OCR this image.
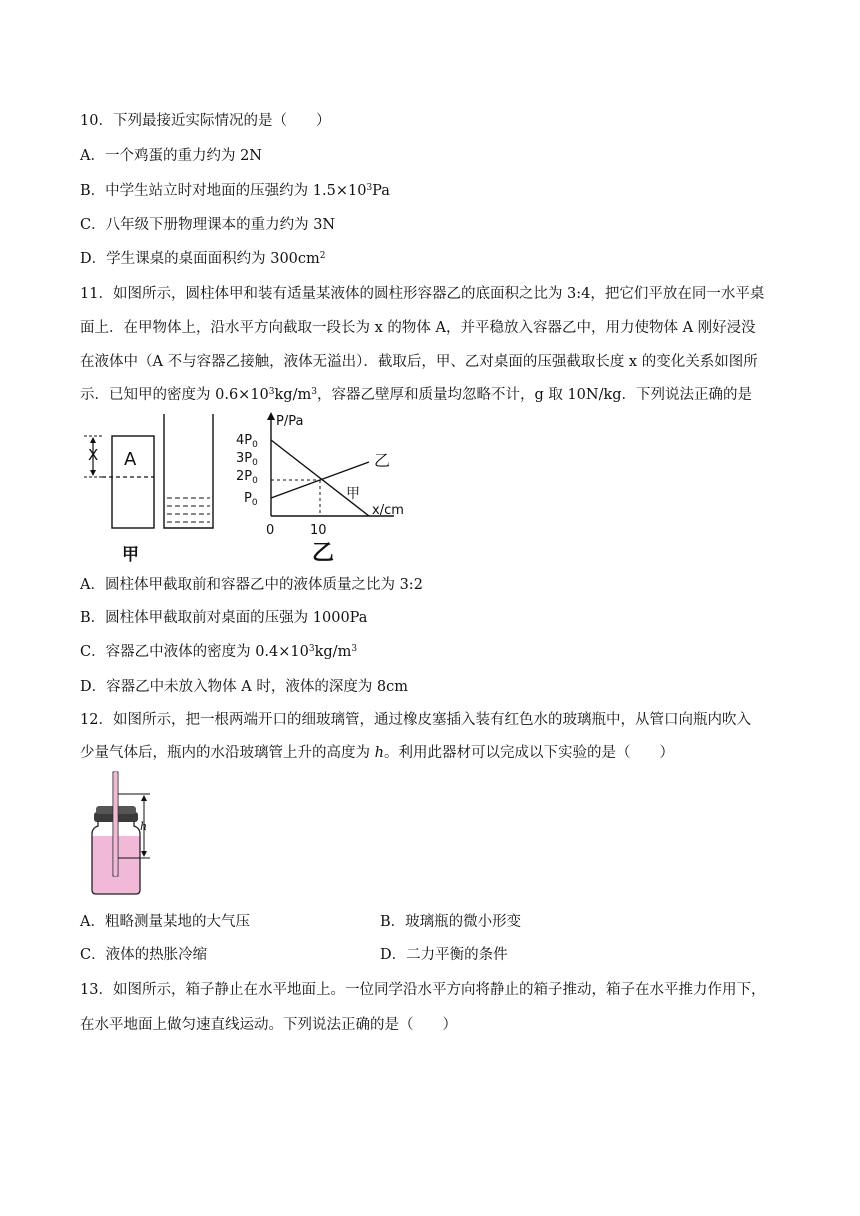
10．下列最接近实际情况的是（　　）
A．一个鸡蛋的重力约为 2N
B．中学生站立时对地面的压强约为 $1.5\times 10^3Pa$
C．八年级下册物理课本的重力约为 3N
D．学生课桌的桌面面积约为 $300cm^2$
11．如图所示，圆柱体甲和装有适量某液体的圆柱形容器乙的底面积之比为 3:4，把它们平放在同一水平桌
面上．在甲物体上，沿水平方向截取一段长为 x 的物体 A，并平稳放入容器乙中，用力使物体 A 刚好浸没
在液体中（A 不与容器乙接触，液体无溢出）．截取后，甲、乙对桌面的压强截取长度 x 的变化关系如图所
示．已知甲的密度为 $0.6\times 10^3kg/m^3$，容器乙壁厚和质量均忽略不计，g 取 10N/kg．下列说法正确的是
X A
甲
P/Pa
x/cm
$4P_0$
$3P_0$
$2P_0$
$P_0$
0	10
乙
甲
乙
A．圆柱体甲截取前和容器乙中的液体质量之比为 3:2
B．圆柱体甲截取前对桌面的压强为 1000Pa
C．容器乙中液体的密度为 $0.4\times 10^3kg/m^3$
D．容器乙中未放入物体 A 时，液体的深度为 8cm
12．如图所示，把一根两端开口的细玻璃管，通过橡皮塞插入装有红色水的玻璃瓶中，从管口向瓶内吹入
少量气体后，瓶内的水沿玻璃管上升的高度为 h。利用此器材可以完成以下实验的是（　　）
h
A．粗略测量某地的大气压	B．玻璃瓶的微小形变
C．液体的热胀冷缩	D．二力平衡的条件
13．如图所示，箱子静止在水平地面上。一位同学沿水平方向将静止的箱子推动，箱子在水平推力作用下，
在水平地面上做匀速直线运动。下列说法正确的是（　　）
